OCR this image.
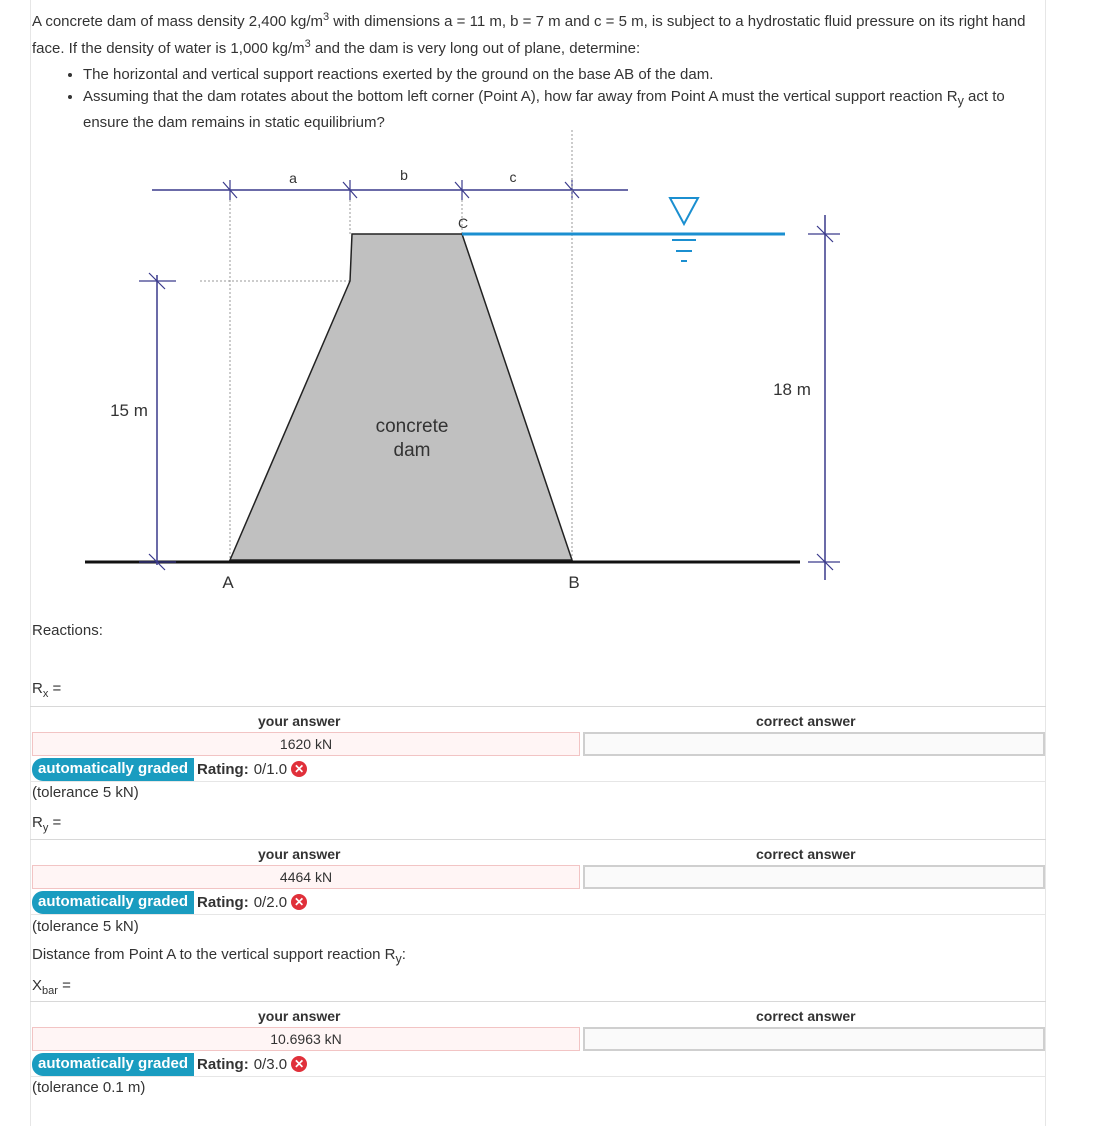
A concrete dam of mass density 2,400 $kg/m^3$ with dimensions a = 11 m, b = 7 m and c = 5 m, is subject to a hydrostatic fluid pressure on its right hand face. If the density of water is 1,000 $kg/m^3$ and the dam is very long out of plane, determine:

• The horizontal and vertical support reactions exerted by the ground on the base AB of the dam.
• Assuming that the dam rotates about the bottom left corner (Point A), how far away from Point A must the vertical support reaction $R_y$ act to ensure the dam remains in static equilibrium?
a	b	c
C
concrete
dam
15 m
18 m
A	B
Reactions:
$R_x$ =
your answer	correct answer
1620 kN
automatically graded Rating: 0/1.0 ✕
(tolerance 5 kN)
$R_y$ =
your answer	correct answer
4464 kN
automatically graded Rating: 0/2.0 ✕
(tolerance 5 kN)
Distance from Point A to the vertical support reaction $R_y$:
$X_{bar}$ =
your answer	correct answer
10.6963 kN
automatically graded Rating: 0/3.0 ✕
(tolerance 0.1 m)
